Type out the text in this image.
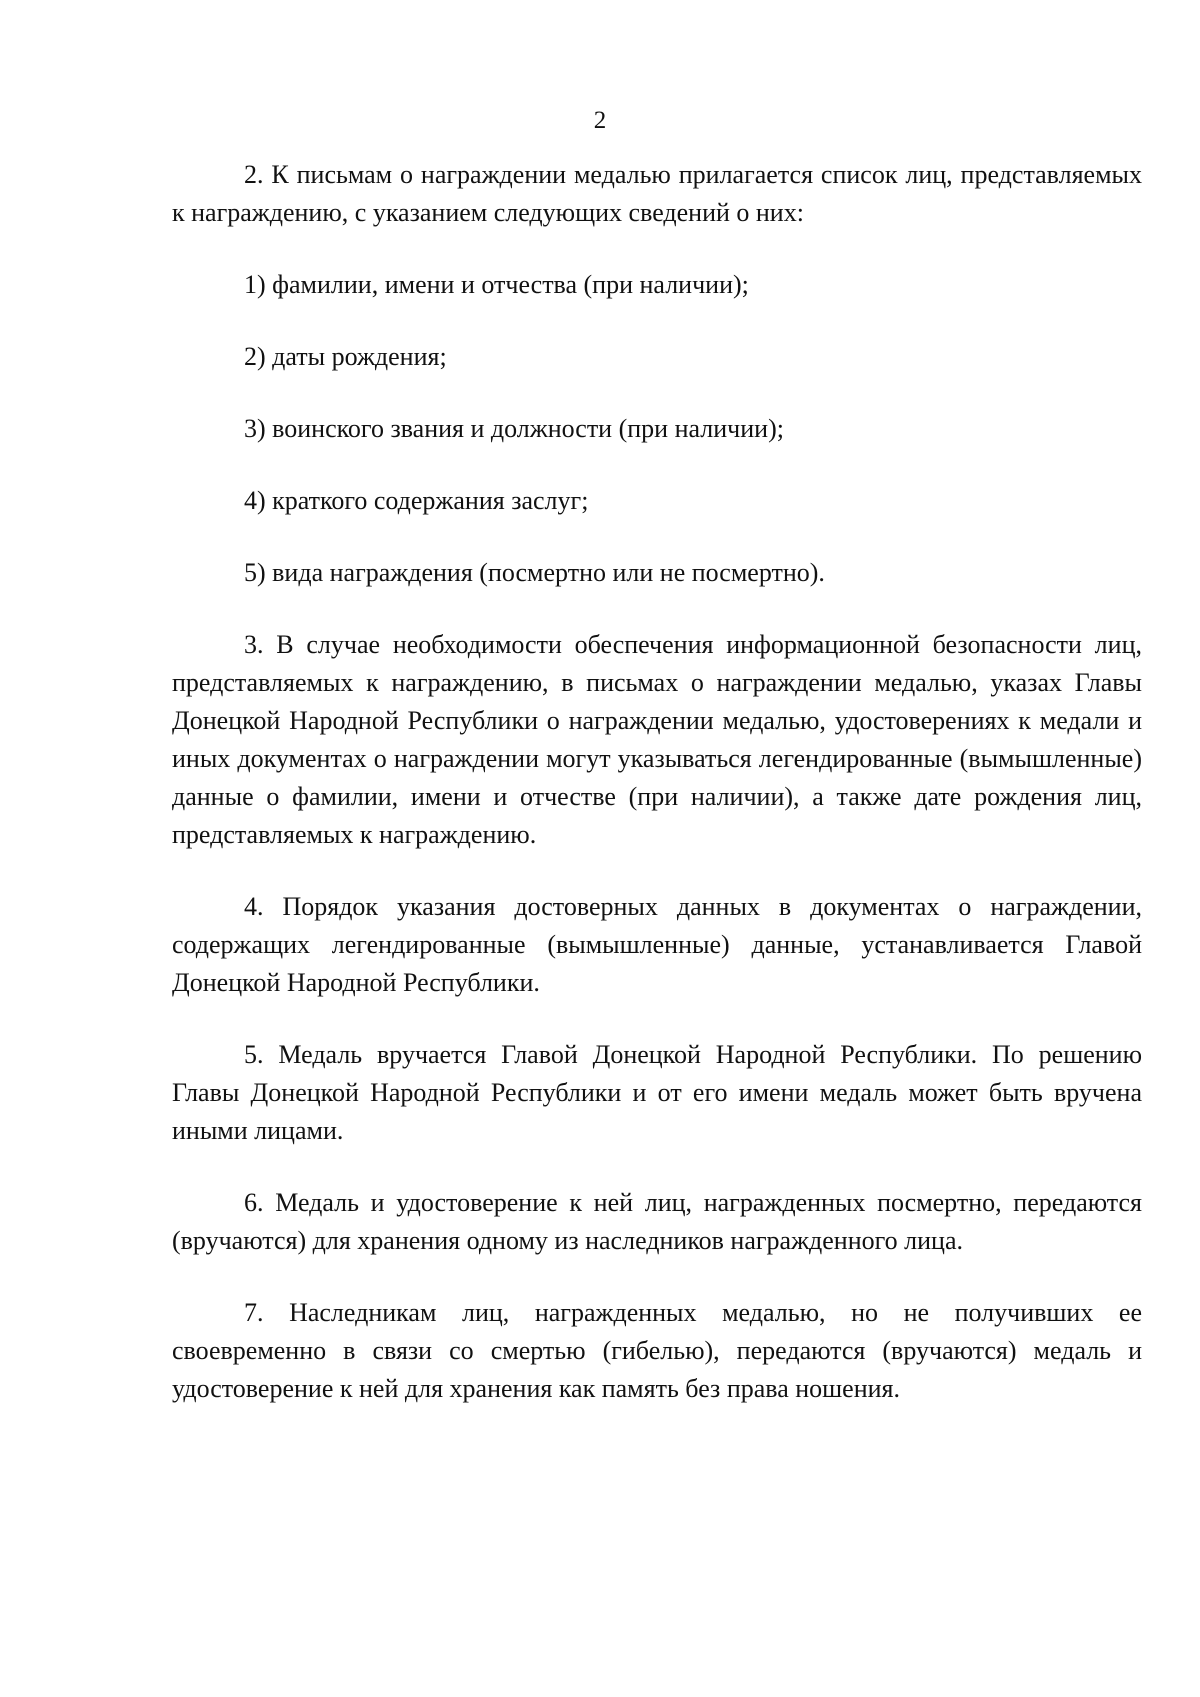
2

2. К письмам о награждении медалью прилагается список лиц, представляемых к награждению, с указанием следующих сведений о них:

1) фамилии, имени и отчества (при наличии);

2) даты рождения;

3) воинского звания и должности (при наличии);

4) краткого содержания заслуг;

5) вида награждения (посмертно или не посмертно).

3. В случае необходимости обеспечения информационной безопасности лиц, представляемых к награждению, в письмах о награждении медалью, указах Главы Донецкой Народной Республики о награждении медалью, удостоверениях к медали и иных документах о награждении могут указываться легендированные (вымышленные) данные о фамилии, имени и отчестве (при наличии), а также дате рождения лиц, представляемых к награждению.

4. Порядок указания достоверных данных в документах о награждении, содержащих легендированные (вымышленные) данные, устанавливается Главой Донецкой Народной Республики.

5. Медаль вручается Главой Донецкой Народной Республики. По решению Главы Донецкой Народной Республики и от его имени медаль может быть вручена иными лицами.

6. Медаль и удостоверение к ней лиц, награжденных посмертно, передаются (вручаются) для хранения одному из наследников награжденного лица.

7. Наследникам лиц, награжденных медалью, но не получивших ее своевременно в связи со смертью (гибелью), передаются (вручаются) медаль и удостоверение к ней для хранения как память без права ношения.
